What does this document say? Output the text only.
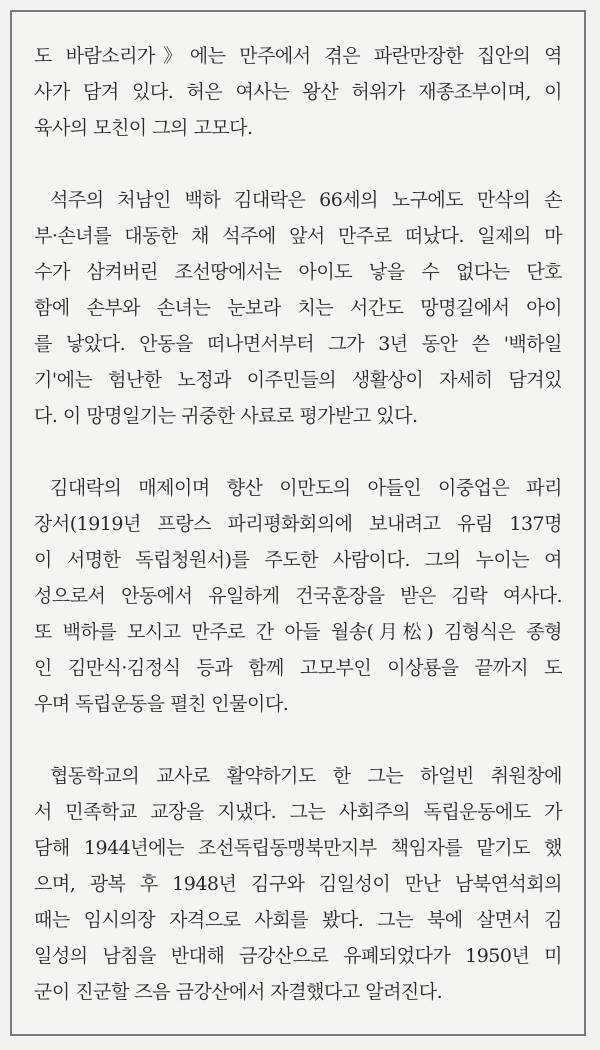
도 바람소리가》에는 만주에서 겪은 파란만장한 집안의 역
사가 담겨 있다. 허은 여사는 왕산 허위가 재종조부이며, 이
육사의 모친이 그의 고모다.
석주의 처남인 백하 김대락은 66세의 노구에도 만삭의 손
부·손녀를 대동한 채 석주에 앞서 만주로 떠났다. 일제의 마
수가 삼켜버린 조선땅에서는 아이도 낳을 수 없다는 단호
함에 손부와 손녀는 눈보라 치는 서간도 망명길에서 아이
를 낳았다. 안동을 떠나면서부터 그가 3년 동안 쓴 '백하일
기'에는 험난한 노정과 이주민들의 생활상이 자세히 담겨있
다. 이 망명일기는 귀중한 사료로 평가받고 있다.
김대락의 매제이며 향산 이만도의 아들인 이중업은 파리
장서(1919년 프랑스 파리평화회의에 보내려고 유림 137명
이 서명한 독립청원서)를 주도한 사람이다. 그의 누이는 여
성으로서 안동에서 유일하게 건국훈장을 받은 김락 여사다.
또 백하를 모시고 만주로 간 아들 월송(月松) 김형식은 종형
인 김만식·김정식 등과 함께 고모부인 이상룡을 끝까지 도
우며 독립운동을 펼친 인물이다.
협동학교의 교사로 활약하기도 한 그는 하얼빈 취원창에
서 민족학교 교장을 지냈다. 그는 사회주의 독립운동에도 가
담해 1944년에는 조선독립동맹북만지부 책임자를 맡기도 했
으며, 광복 후 1948년 김구와 김일성이 만난 남북연석회의
때는 임시의장 자격으로 사회를 봤다. 그는 북에 살면서 김
일성의 남침을 반대해 금강산으로 유폐되었다가 1950년 미
군이 진군할 즈음 금강산에서 자결했다고 알려진다.
